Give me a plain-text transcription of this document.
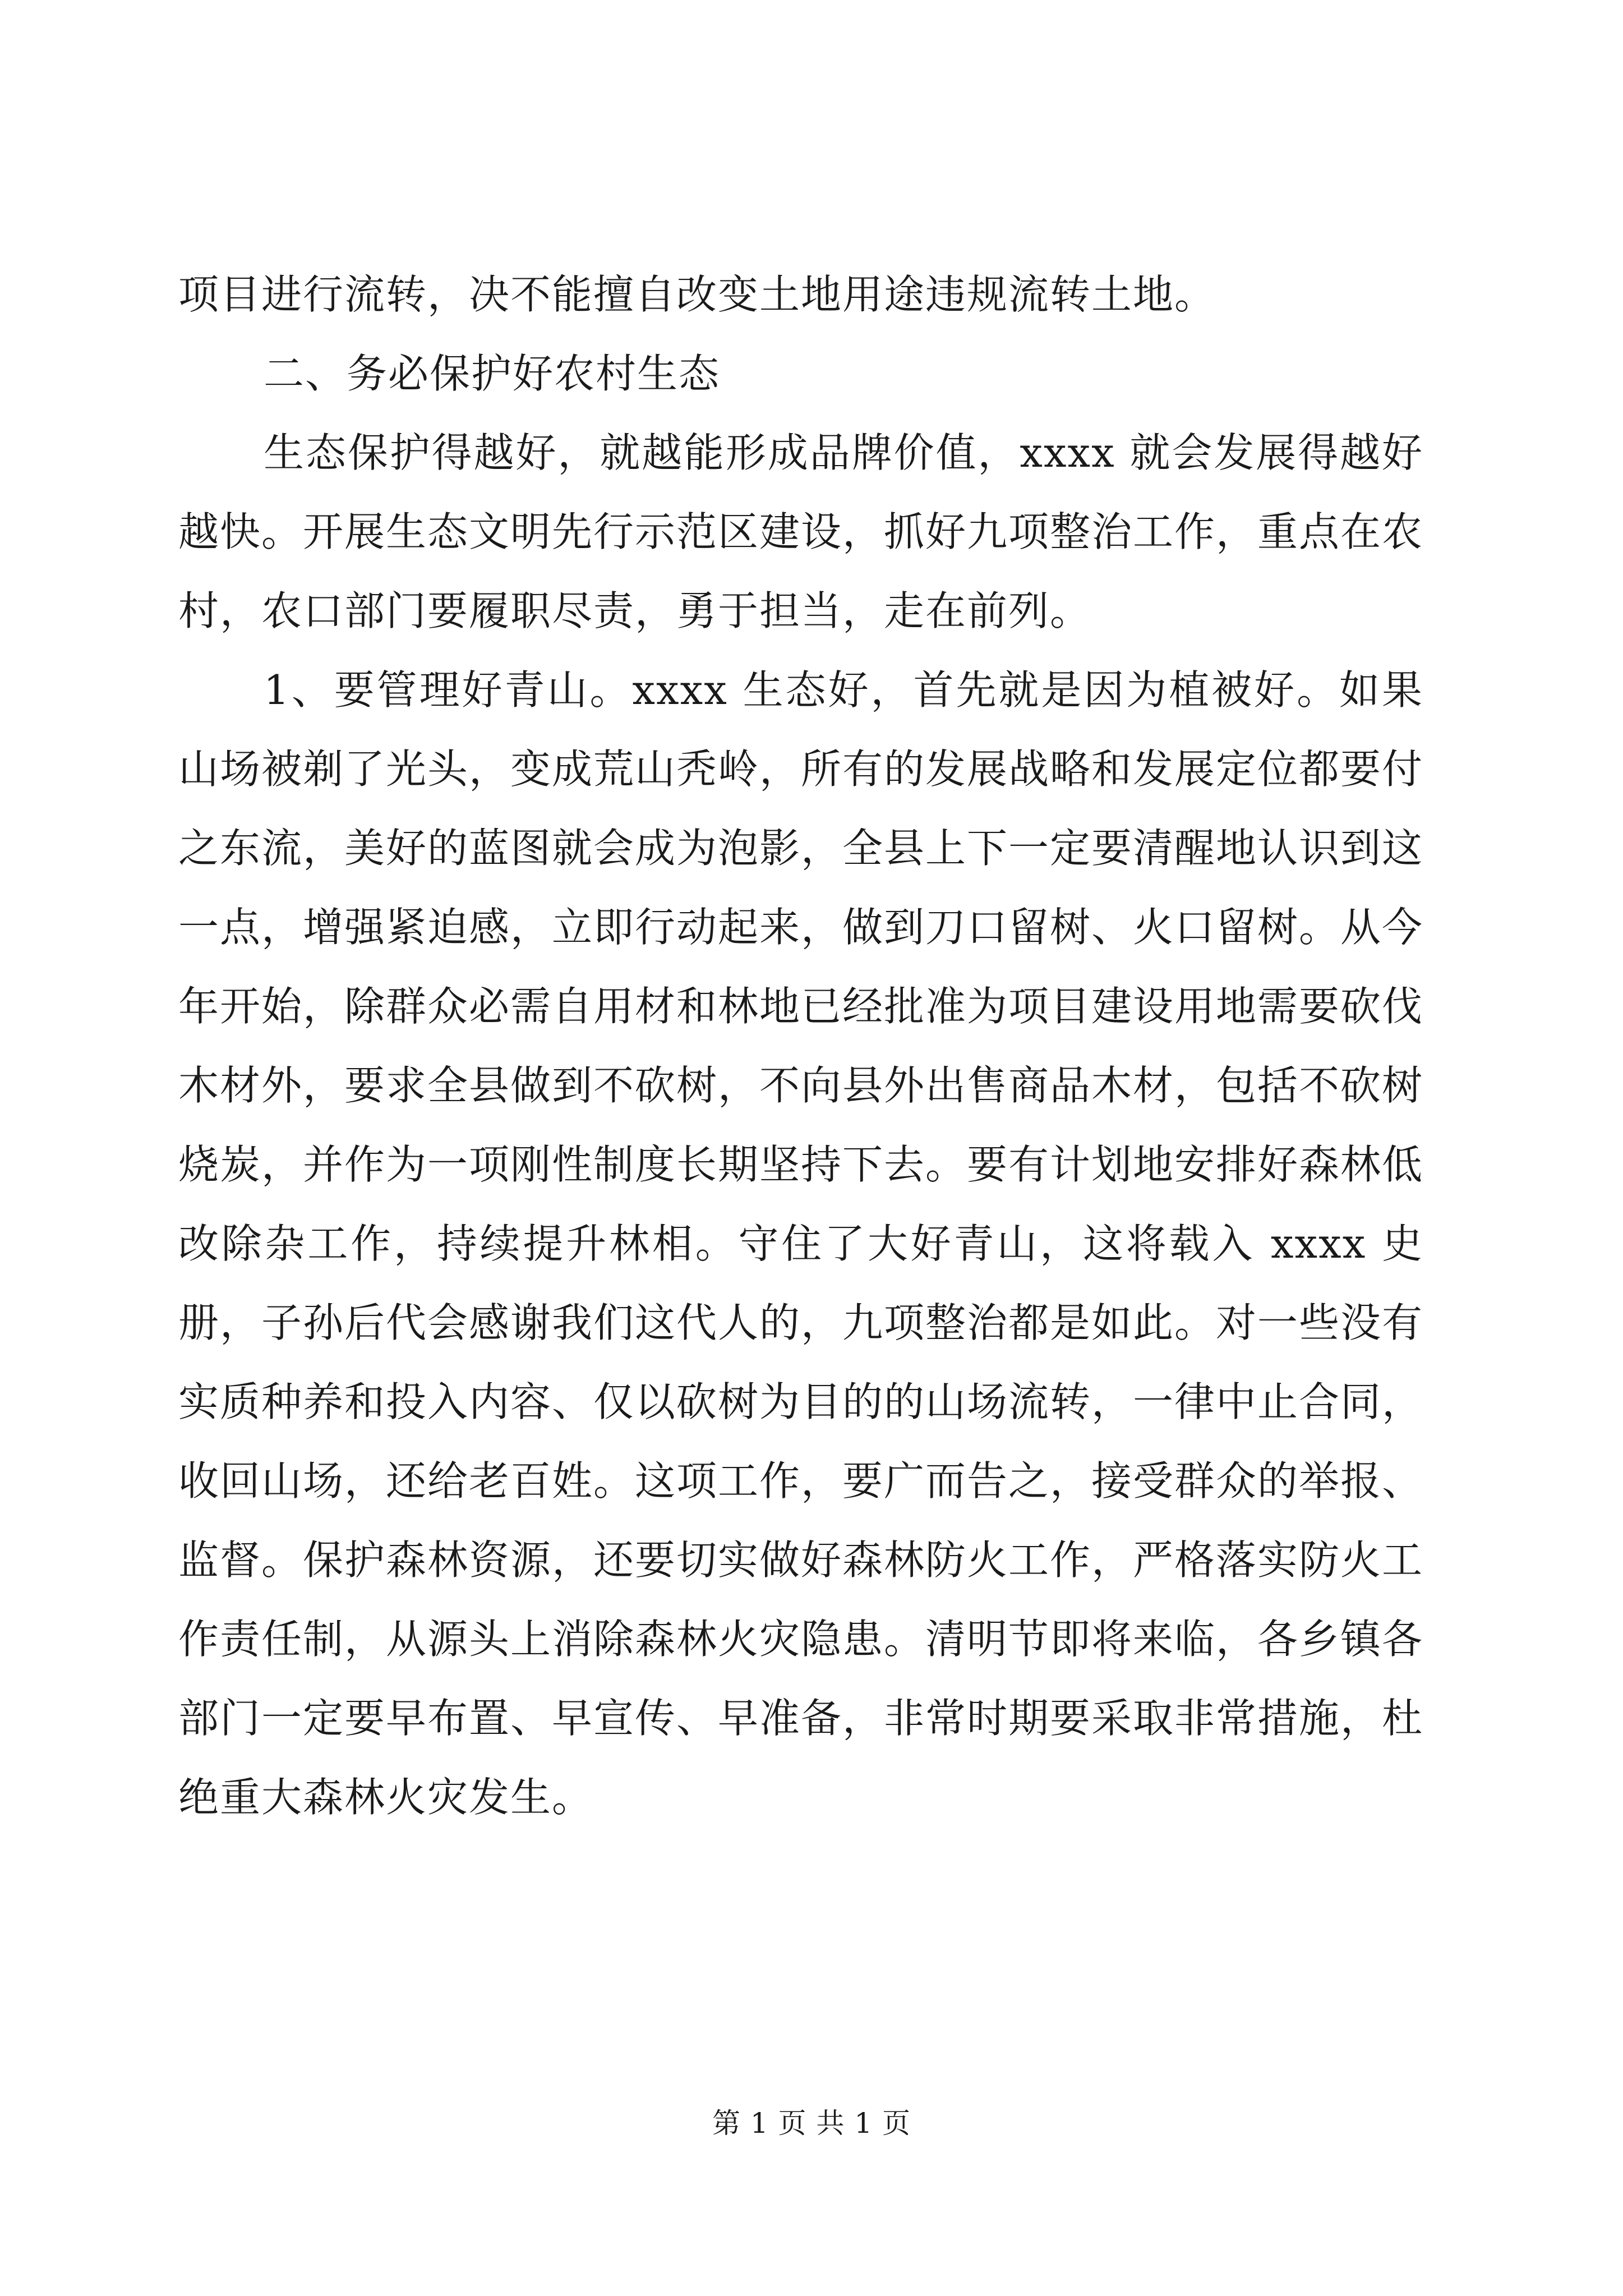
项目进行流转，决不能擅自改变土地用途违规流转土地。

二、务必保护好农村生态

生态保护得越好，就越能形成品牌价值，xxxx 就会发展得越好越快。开展生态文明先行示范区建设，抓好九项整治工作，重点在农村，农口部门要履职尽责，勇于担当，走在前列。

1、要管理好青山。xxxx 生态好，首先就是因为植被好。如果山场被剃了光头，变成荒山秃岭，所有的发展战略和发展定位都要付之东流，美好的蓝图就会成为泡影，全县上下一定要清醒地认识到这一点，增强紧迫感，立即行动起来，做到刀口留树、火口留树。从今年开始，除群众必需自用材和林地已经批准为项目建设用地需要砍伐木材外，要求全县做到不砍树，不向县外出售商品木材，包括不砍树烧炭，并作为一项刚性制度长期坚持下去。要有计划地安排好森林低改除杂工作，持续提升林相。守住了大好青山，这将载入 xxxx 史册，子孙后代会感谢我们这代人的，九项整治都是如此。对一些没有实质种养和投入内容、仅以砍树为目的的山场流转，一律中止合同，收回山场，还给老百姓。这项工作，要广而告之，接受群众的举报、监督。保护森林资源，还要切实做好森林防火工作，严格落实防火工作责任制，从源头上消除森林火灾隐患。清明节即将来临，各乡镇各部门一定要早布置、早宣传、早准备，非常时期要采取非常措施，杜绝重大森林火灾发生。

第 1 页 共 1 页
